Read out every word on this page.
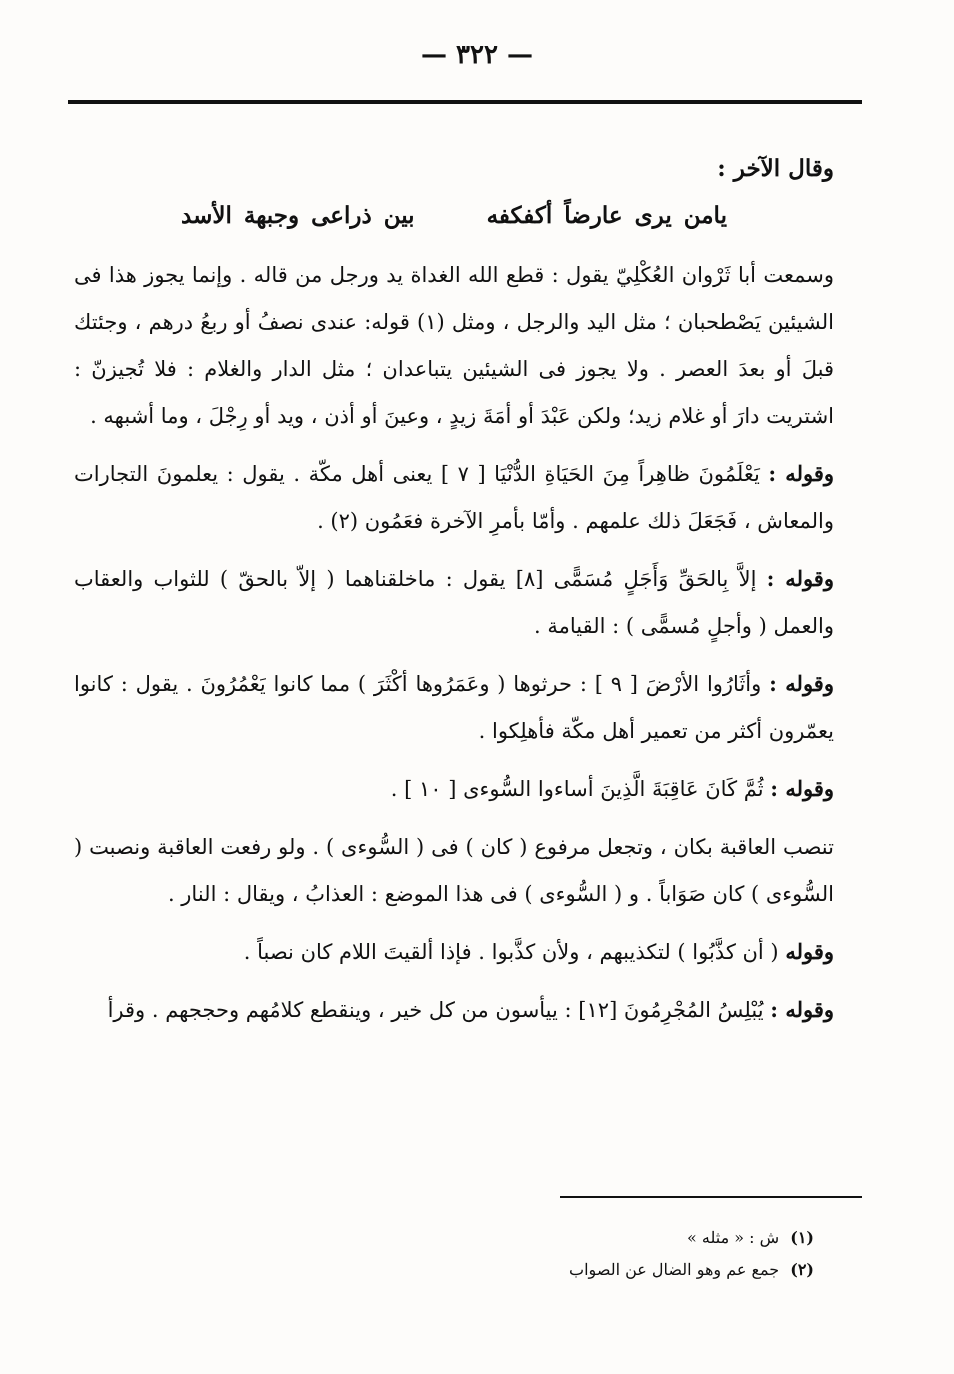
— ٣٢٢ —

وقال الآخر :

يامن يرى عارضاً أكفكفه بين ذراعى وجبهة الأسد

وسمعت أبا ثَرْوان العُكْلِيّ يقول : قطع الله الغداة يد ورجل من قاله . وإنما يجوز هذا فى الشيئين يَصْطحبان ؛ مثل اليد والرجل ، ومثل (١) قوله: عندى نصفُ أو ربعُ درهم ، وجئتك قبلَ أو بعدَ العصر . ولا يجوز فى الشيئين يتباعدان ؛ مثل الدار والغلام : فلا تُجيزنّ : اشتريت دارَ أو غلام زيد؛ ولكن عَبْدَ أو أمَةَ زيدٍ ، وعينَ أو أذن ، ويد أو رِجْلَ ، وما أشبهه .

وقوله : يَعْلَمُونَ ظاهِراً مِنَ الحَيَاةِ الدُّنْيَا [ ٧ ] يعنى أهل مكّة . يقول : يعلمونَ التجارات والمعاش ، فَجَعَلَ ذلك علمهم . وأمّا بأمرِ الآخرة فعَمُون (٢) .

وقوله : إلاَّ بِالحَقِّ وَأَجَلٍ مُسَمًّى [٨] يقول : ماخلقناهما ( إلاّ بالحقّ ) للثواب والعقاب والعمل ( وأجلٍ مُسمًّى ) : القيامة .

وقوله : وأثَارُوا الأرْضَ [ ٩ ] : حرثوها ( وعَمَرُوها أكْثَرَ ) مما كانوا يَعْمُرُونَ . يقول : كانوا يعمّرون أكثر من تعمير أهل مكّة فأهلِكوا .

وقوله : ثُمَّ كَانَ عَاقِبَةَ الَّذِينَ أساءوا السُّوءى [ ١٠ ] .

تنصب العاقبة بكان ، وتجعل مرفوع ( كان ) فى ( السُّوءى ) . ولو رفعت العاقبة ونصبت ( السُّوءى ) كان صَوَاباً . و ( السُّوءى ) فى هذا الموضع : العذابُ ، ويقال : النار .

وقوله ( أن كذَّبُوا ) لتكذيبهم ، ولأن كذَّبوا . فإذا ألقيتَ اللام كان نصباً .

وقوله : يُبْلِسُ المُجْرِمُونَ [١٢] : ييأسون من كل خير ، وينقطع كلامُهم وحججهم . وقرأ

(١) ش : « مثله »

(٢) جمع عم وهو الضال عن الصواب
